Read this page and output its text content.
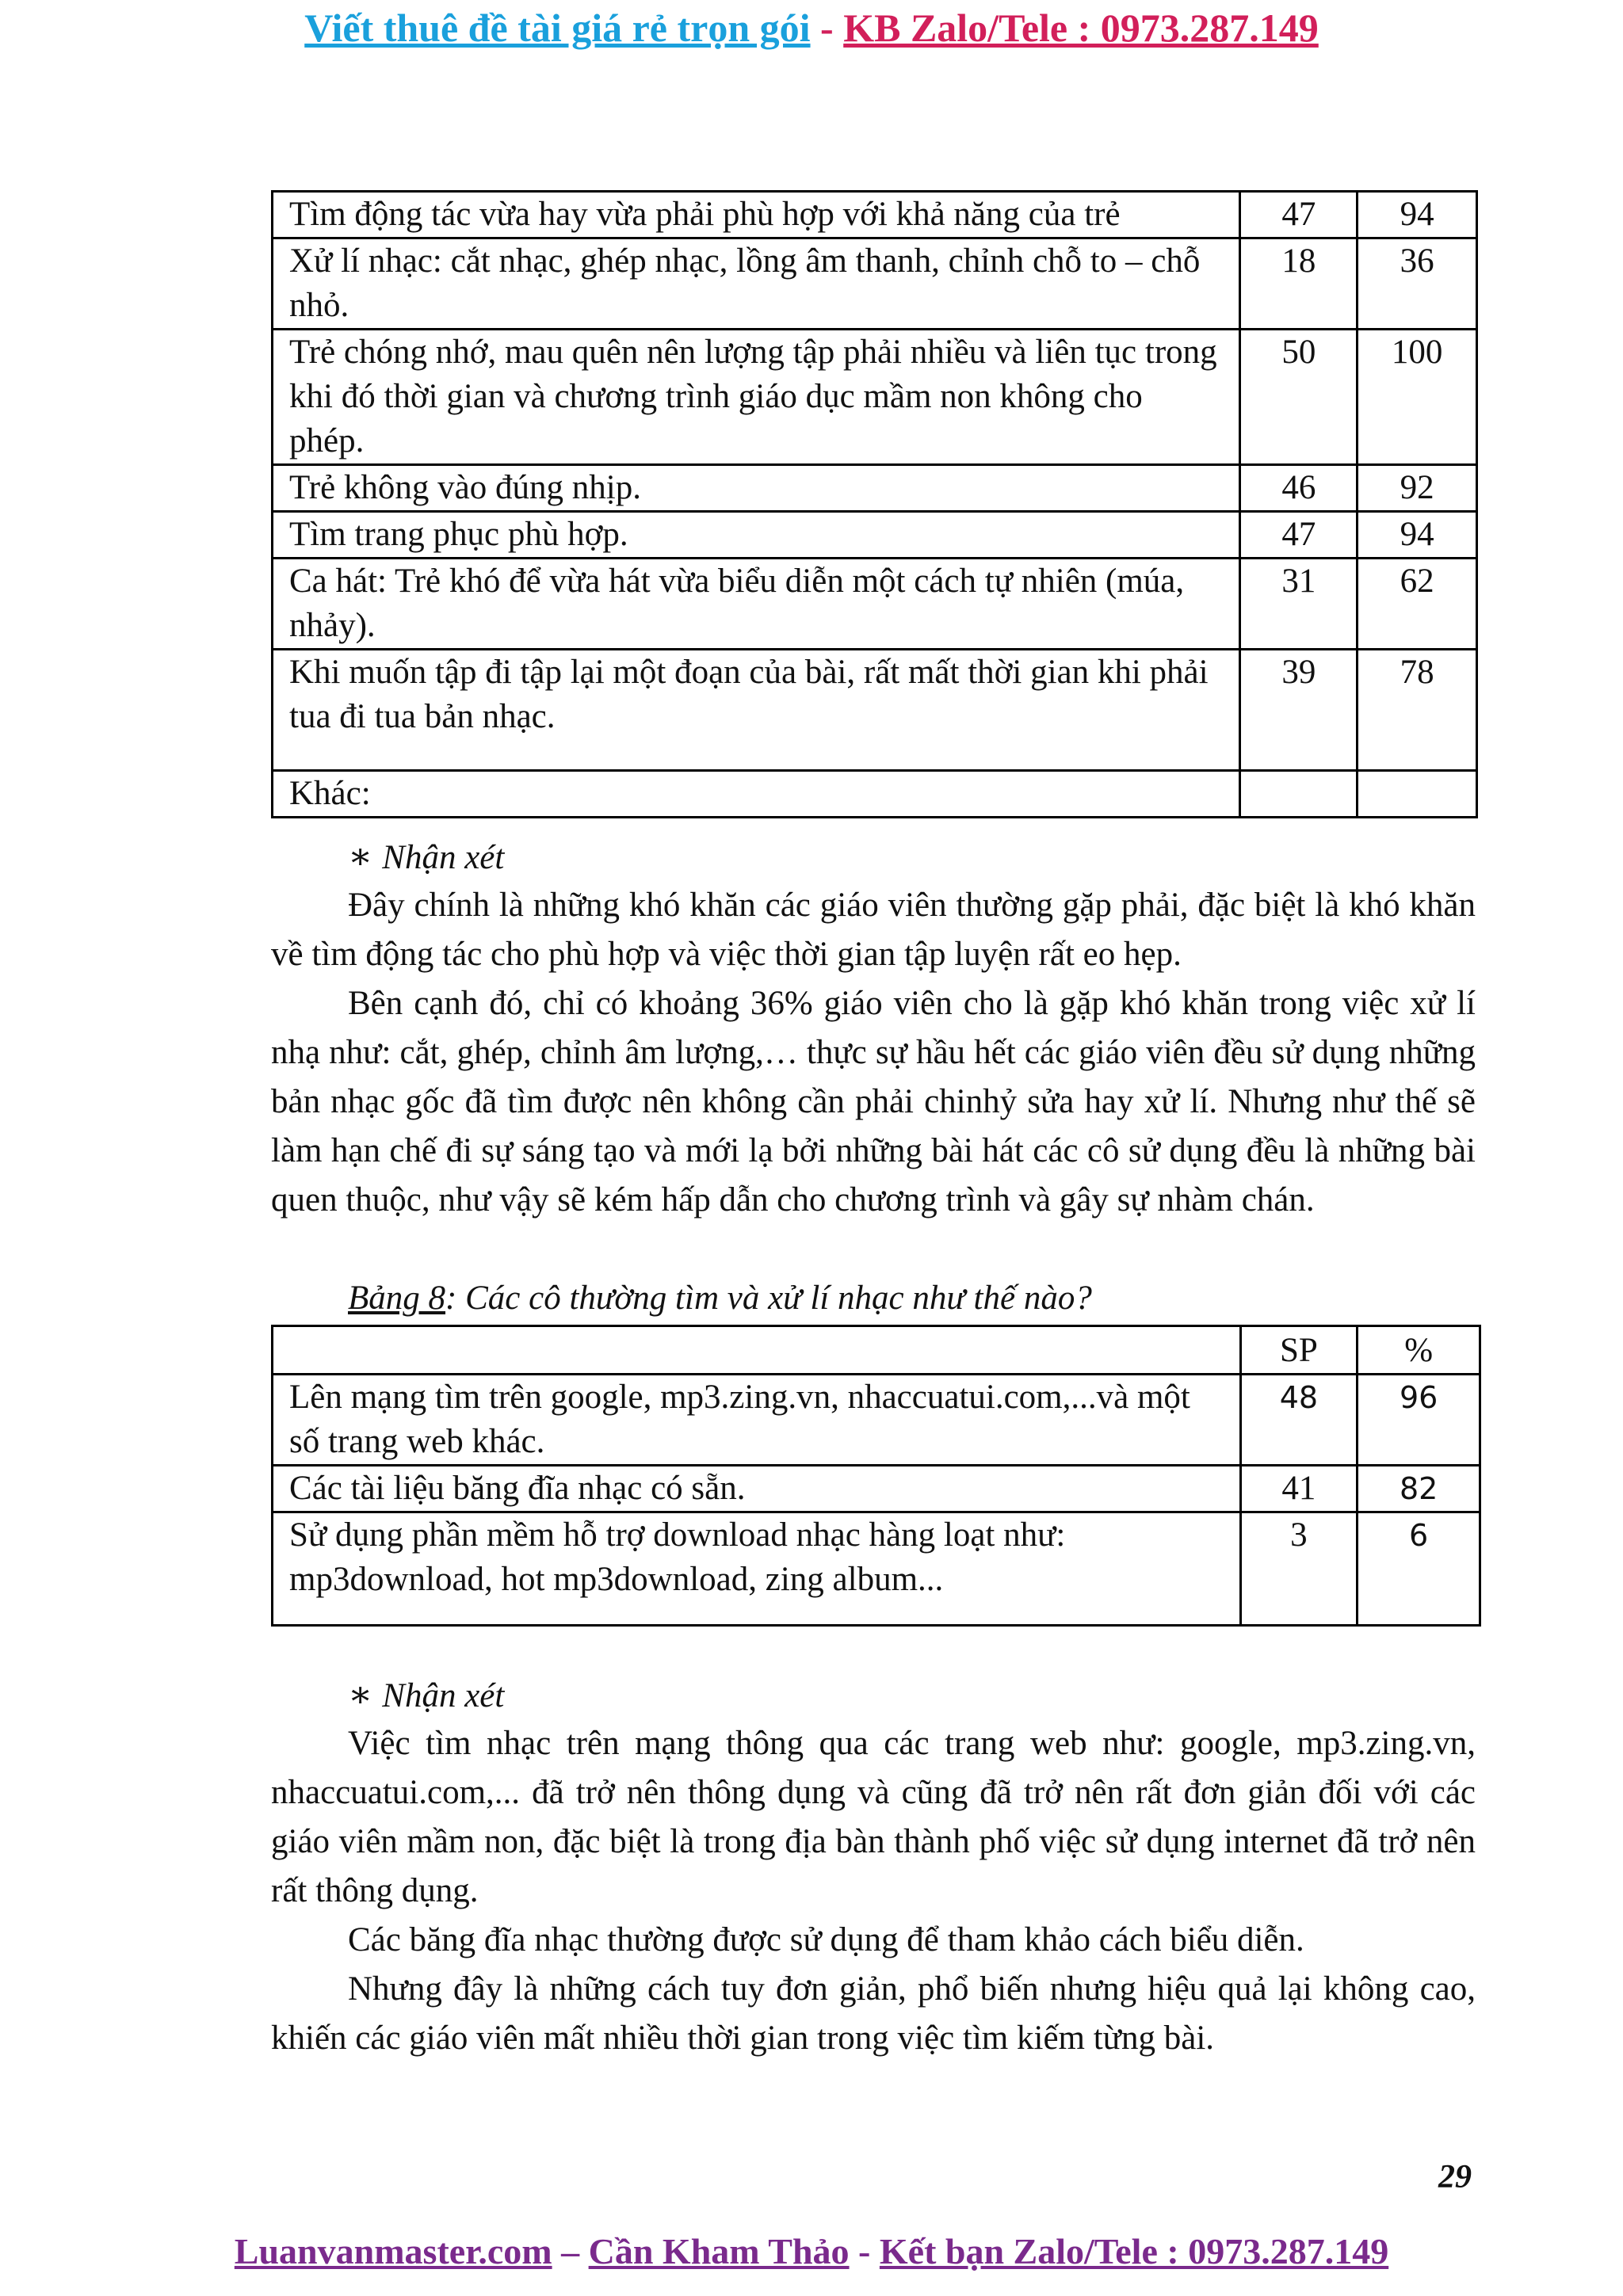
Viết thuê đề tài giá rẻ trọn gói - KB Zalo/Tele : 0973.287.149
Tìm động tác vừa hay vừa phải phù hợp với khả năng của trẻ	47	94
Xử lí nhạc: cắt nhạc, ghép nhạc, lồng âm thanh, chỉnh chỗ to – chỗ nhỏ.	18	36
Trẻ chóng nhớ, mau quên nên lượng tập phải nhiều và liên tục trong khi đó thời gian và chương trình giáo dục mầm non không cho phép.	50	100
Trẻ không vào đúng nhịp.	46	92
Tìm trang phục phù hợp.	47	94
Ca hát: Trẻ khó để vừa hát vừa biểu diễn một cách tự nhiên (múa, nhảy).	31	62
Khi muốn tập đi tập lại một đoạn của bài, rất mất thời gian khi phải tua đi tua bản nhạc.	39	78
Khác:		
∗ Nhận xét

Đây chính là những khó khăn các giáo viên thường gặp phải, đặc biệt là khó khăn về tìm động tác cho phù hợp và việc thời gian tập luyện rất eo hẹp.

Bên cạnh đó, chỉ có khoảng 36% giáo viên cho là gặp khó khăn trong việc xử lí nhạ như: cắt, ghép, chỉnh âm lượng,… thực sự hầu hết các giáo viên đều sử dụng những bản nhạc gốc đã tìm được nên không cần phải chinhỷ sửa hay xử lí. Nhưng như thế sẽ làm hạn chế đi sự sáng tạo và mới lạ bởi những bài hát các cô sử dụng đều là những bài quen thuộc, như vậy sẽ kém hấp dẫn cho chương trình và gây sự nhàm chán.

Bảng 8: Các cô thường tìm và xử lí nhạc như thế nào?
	SP	%
Lên mạng tìm trên google, mp3.zing.vn, nhaccuatui.com,...và một số trang web khác.	48	96
Các tài liệu băng đĩa nhạc có sẵn.	41	82
Sử dụng phần mềm hỗ trợ download nhạc hàng loạt như: mp3download, hot mp3download, zing album...	3	6
∗ Nhận xét

Việc tìm nhạc trên mạng thông qua các trang web như: google, mp3.zing.vn, nhaccuatui.com,... đã trở nên thông dụng và cũng đã trở nên rất đơn giản đối với các giáo viên mầm non, đặc biệt là trong địa bàn thành phố việc sử dụng internet đã trở nên rất thông dụng.

Các băng đĩa nhạc thường được sử dụng để tham khảo cách biểu diễn.

Nhưng đây là những cách tuy đơn giản, phổ biến nhưng hiệu quả lại không cao, khiến các giáo viên mất nhiều thời gian trong việc tìm kiếm từng bài.

29
Luanvanmaster.com – Cần Kham Thảo - Kết bạn Zalo/Tele : 0973.287.149
